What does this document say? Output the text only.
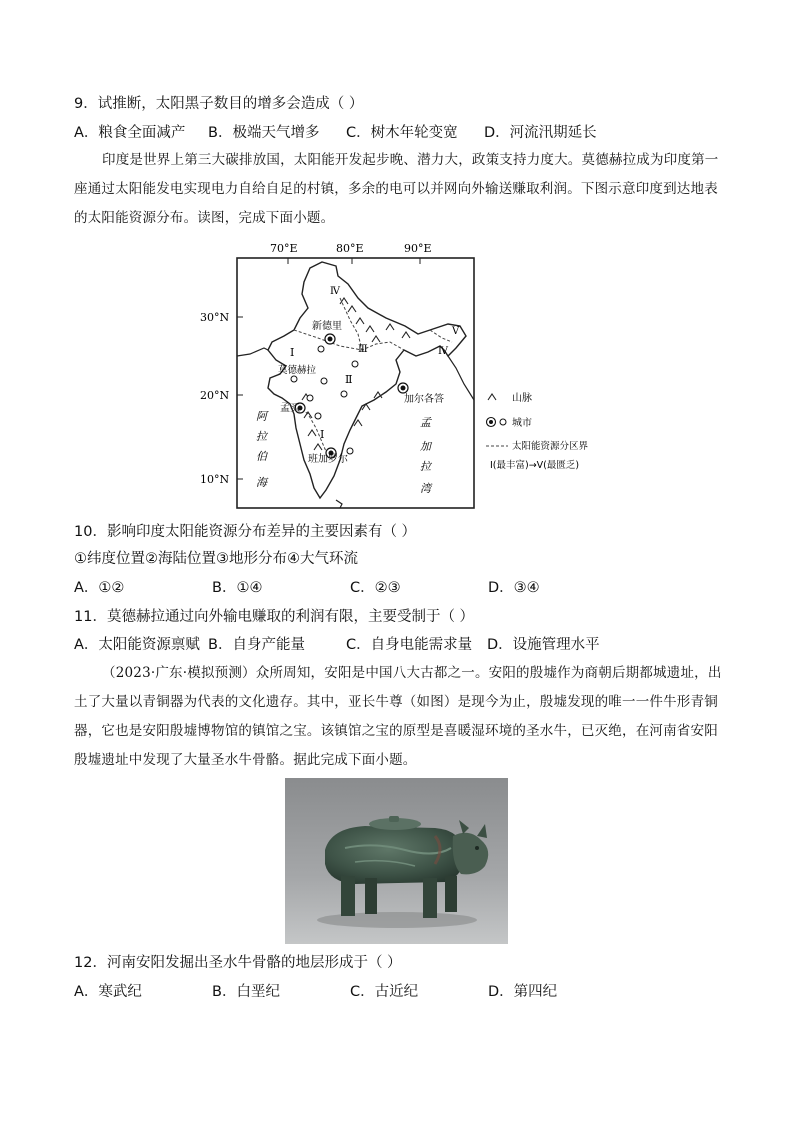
9．试推断，太阳黑子数目的增多会造成（ ）
A．粮食全面减产 B．极端天气增多 C．树木年轮变宽 D．河流汛期延长
印度是世界上第三大碳排放国，太阳能开发起步晚、潜力大，政策支持力度大。莫德赫拉成为印度第一座通过太阳能发电实现电力自给自足的村镇，多余的电可以并网向外输送赚取利润。下图示意印度到达地表的太阳能资源分布。读图，完成下面小题。
70°E	80°E	90°E
30°N
20°N
10°N
新德里
莫德赫拉
孟买
班加罗尔
加尔各答
Ⅰ
Ⅱ
Ⅲ
Ⅳ
Ⅴ
Ⅳ
Ⅰ
阿
拉
伯
海
孟
加
拉
湾
山脉
城市
太阳能资源分区界
Ⅰ(最丰富)→Ⅴ(最匮乏)
10．影响印度太阳能资源分布差异的主要因素有（ ）
①纬度位置②海陆位置③地形分布④大气环流
A．①②	B．①④	C．②③	D．③④
11．莫德赫拉通过向外输电赚取的利润有限，主要受制于（ ）
A．太阳能资源禀赋 B．自身产能量	C．自身电能需求量 D．设施管理水平
（2023·广东·模拟预测）众所周知，安阳是中国八大古都之一。安阳的殷墟作为商朝后期都城遗址，出土了大量以青铜器为代表的文化遗存。其中，亚长牛尊（如图）是现今为止，殷墟发现的唯一一件牛形青铜器，它也是安阳殷墟博物馆的镇馆之宝。该镇馆之宝的原型是喜暖湿环境的圣水牛，已灭绝，在河南省安阳殷墟遗址中发现了大量圣水牛骨骼。据此完成下面小题。
12．河南安阳发掘出圣水牛骨骼的地层形成于（ ）
A．寒武纪	B．白垩纪	C．古近纪	D．第四纪
